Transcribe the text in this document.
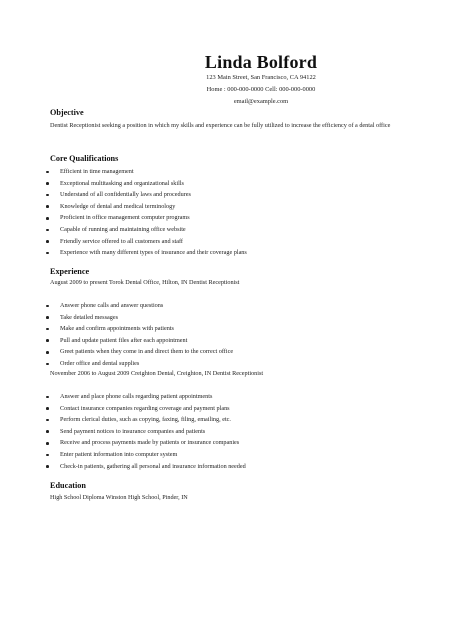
Linda Bolford
123 Main Street, San Francisco, CA 94122
Home : 000-000-0000 Cell: 000-000-0000
email@example.com
Objective

Dentist Receptionist seeking a position in which my skills and experience can be fully utilized to increase the efficiency of a dental office

Core Qualifications
Efficient in time management
Exceptional multitasking and organizational skills
Understand of all confidentially laws and procedures
Knowledge of dental and medical terminology
Proficient in office management computer programs
Capable of running and maintaining office website
Friendly service offered to all customers and staff
Experience with many different types of insurance and their coverage plans
Experience
August 2009 to present Torok Dental Office, Hilton, IN Dentist Receptionist
Answer phone calls and answer questions
Take detailed messages
Make and confirm appointments with patients
Pull and update patient files after each appointment
Greet patients when they come in and direct them to the correct office
Order office and dental supplies
November 2006 to August 2009 Creighton Dental, Creighton, IN Dentist Receptionist
Answer and place phone calls regarding patient appointments
Contact insurance companies regarding coverage and payment plans
Perform clerical duties, such as copying, faxing, filing, emailing, etc.
Send payment notices to insurance companies and patients
Receive and process payments made by patients or insurance companies
Enter patient information into computer system
Check-in patients, gathering all personal and insurance information needed
Education
High School Diploma Winston High School, Pinder, IN
